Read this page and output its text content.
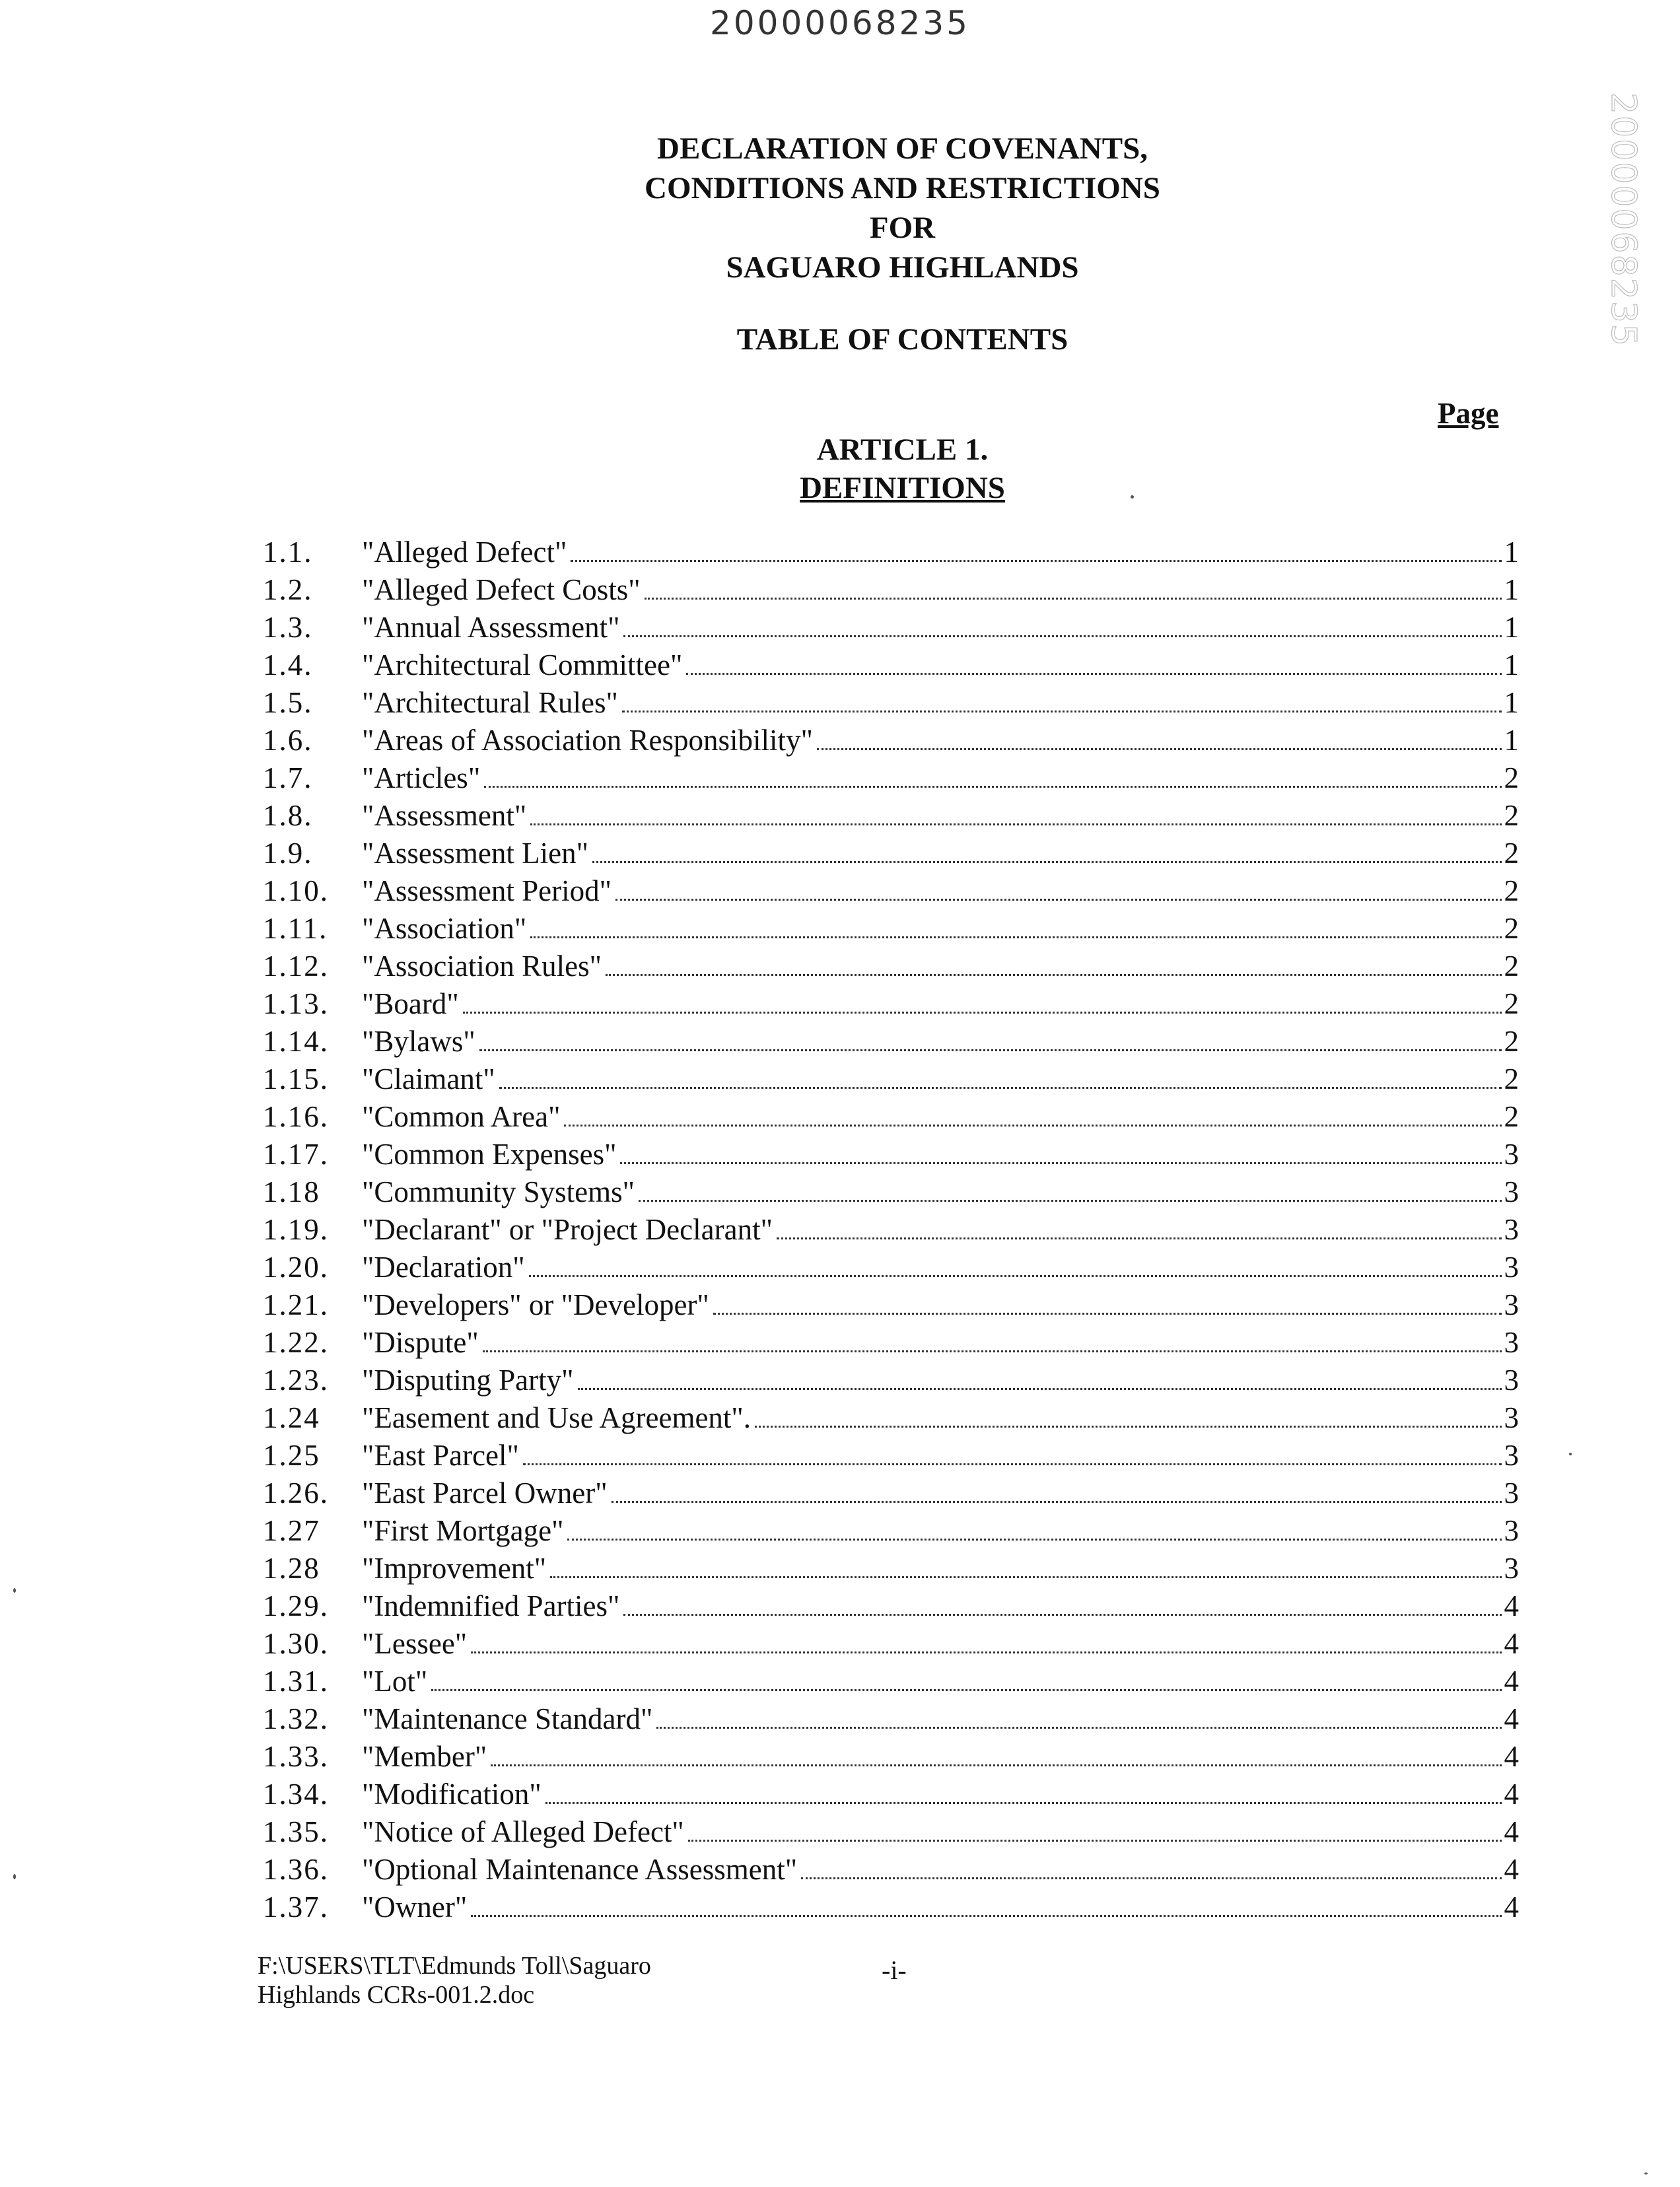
20000068235
20000068235
DECLARATION OF COVENANTS,
CONDITIONS AND RESTRICTIONS
FOR
SAGUARO HIGHLANDS
TABLE OF CONTENTS
Page
ARTICLE 1.
DEFINITIONS
1.1.	"Alleged Defect"	1
1.2.	"Alleged Defect Costs"	1
1.3.	"Annual Assessment"	1
1.4.	"Architectural Committee"	1
1.5.	"Architectural Rules"	1
1.6.	"Areas of Association Responsibility"	1
1.7.	"Articles"	2
1.8.	"Assessment"	2
1.9.	"Assessment Lien"	2
1.10.	"Assessment Period"	2
1.11.	"Association"	2
1.12.	"Association Rules"	2
1.13.	"Board"	2
1.14.	"Bylaws"	2
1.15.	"Claimant"	2
1.16.	"Common Area"	2
1.17.	"Common Expenses"	3
1.18	"Community Systems"	3
1.19.	"Declarant" or "Project Declarant"	3
1.20.	"Declaration"	3
1.21.	"Developers" or "Developer"	3
1.22.	"Dispute"	3
1.23.	"Disputing Party"	3
1.24	"Easement and Use Agreement".	3
1.25	"East Parcel"	3
1.26.	"East Parcel Owner"	3
1.27	"First Mortgage"	3
1.28	"Improvement"	3
1.29.	"Indemnified Parties"	4
1.30.	"Lessee"	4
1.31.	"Lot"	4
1.32.	"Maintenance Standard"	4
1.33.	"Member"	4
1.34.	"Modification"	4
1.35.	"Notice of Alleged Defect"	4
1.36.	"Optional Maintenance Assessment"	4
1.37.	"Owner"	4
F:\USERS\TLT\Edmunds Toll\Saguaro
Highlands CCRs-001.2.doc
-i-
